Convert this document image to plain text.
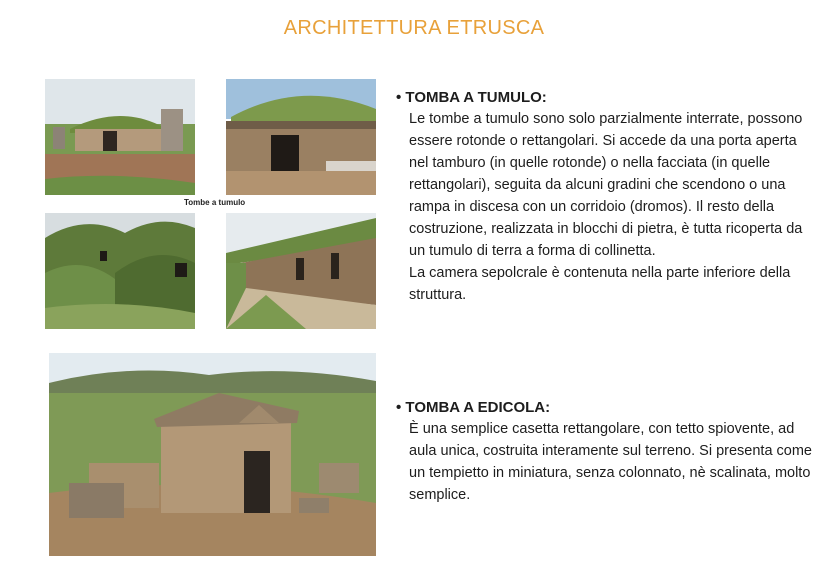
ARCHITETTURA ETRUSCA
Tombe a tumulo
• TOMBA A TUMULO:
Le tombe a tumulo sono solo parzialmente interrate, possono essere rotonde o rettangolari. Si accede da una porta aperta nel tamburo (in quelle rotonde) o nella facciata (in quelle rettangolari), seguita da alcuni gradini che scendono o una rampa in discesa con un corridoio (dromos). Il resto della costruzione, realizzata in blocchi di pietra, è tutta ricoperta da un tumulo di terra a forma di collinetta.
La camera sepolcrale è contenuta nella parte inferiore della struttura.
• TOMBA A EDICOLA:
È una semplice casetta rettangolare, con tetto spiovente, ad aula unica, costruita interamente sul terreno. Si presenta come un tempietto in miniatura, senza colonnato, nè scalinata, molto semplice.
